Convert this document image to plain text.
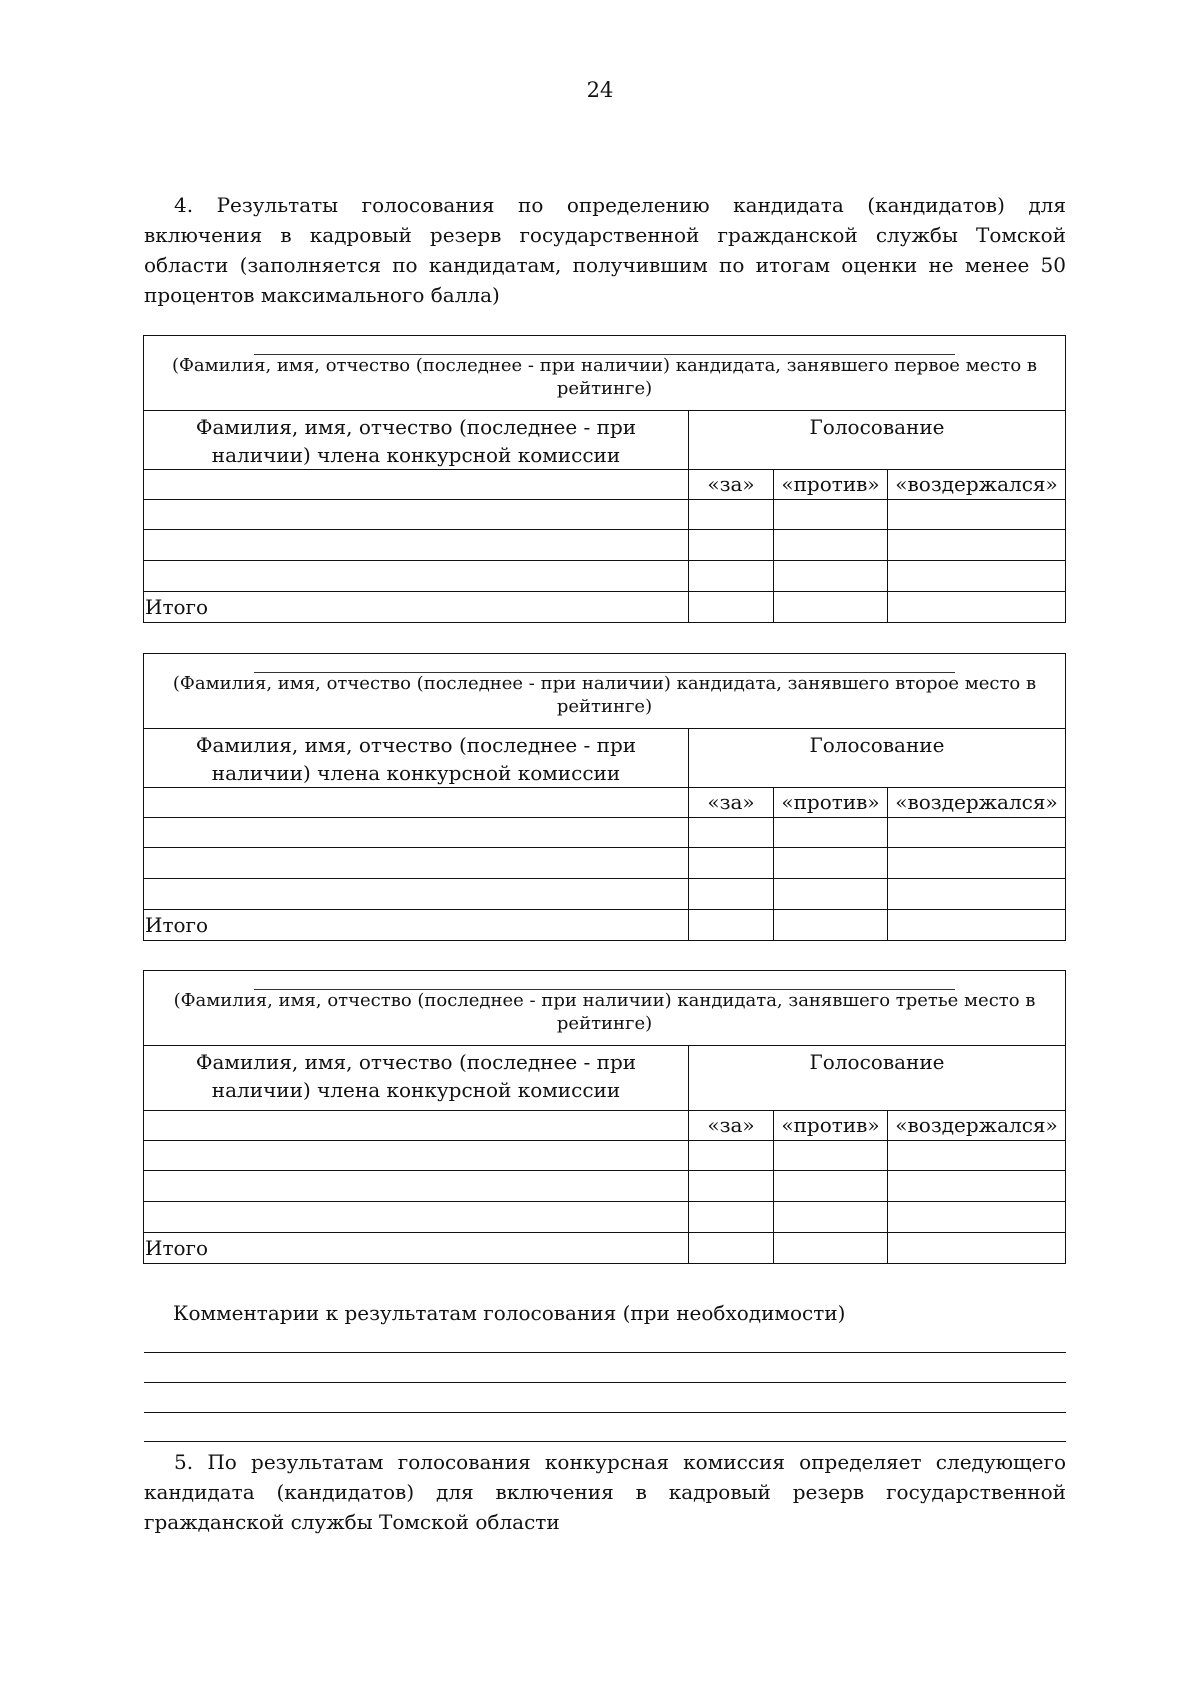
24
4. Результаты голосования по определению кандидата (кандидатов) для включения в кадровый резерв государственной гражданской службы Томской области (заполняется по кандидатам, получившим по итогам оценки не менее 50 процентов максимального балла)
(Фамилия, имя, отчество (последнее - при наличии) кандидата, занявшего первое место в рейтинге)			
Фамилия, имя, отчество (последнее - при наличии) члена конкурсной комиссии	Голосование		
	«за»	«против»	«воздержался»

Итого			
(Фамилия, имя, отчество (последнее - при наличии) кандидата, занявшего второе место в рейтинге)			
Фамилия, имя, отчество (последнее - при наличии) члена конкурсной комиссии	Голосование		
	«за»	«против»	«воздержался»

Итого			
(Фамилия, имя, отчество (последнее - при наличии) кандидата, занявшего третье место в рейтинге)			
Фамилия, имя, отчество (последнее - при наличии) члена конкурсной комиссии	Голосование		
	«за»	«против»	«воздержался»

Итого			
Комментарии к результатам голосования (при необходимости)
5. По результатам голосования конкурсная комиссия определяет следующего кандидата (кандидатов) для включения в кадровый резерв государственной гражданской службы Томской области
